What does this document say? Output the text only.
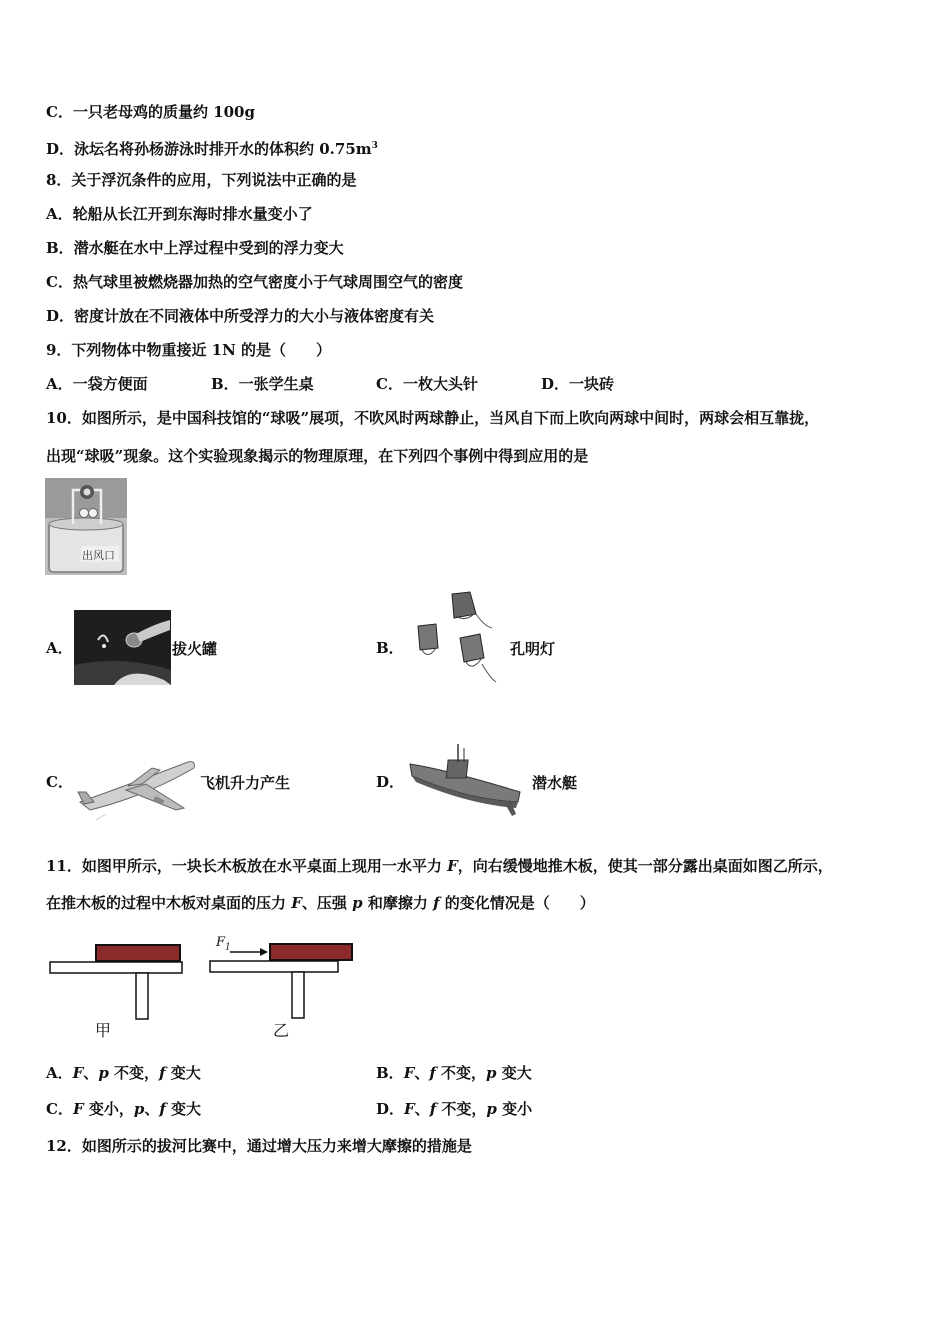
C．一只老母鸡的质量约 100g
D．泳坛名将孙杨游泳时排开水的体积约 $0.75m^3$
8．关于浮沉条件的应用，下列说法中正确的是
A．轮船从长江开到东海时排水量变小了
B．潜水艇在水中上浮过程中受到的浮力变大
C．热气球里被燃烧器加热的空气密度小于气球周围空气的密度
D．密度计放在不同液体中所受浮力的大小与液体密度有关
9．下列物体中物重接近 1N 的是（　　）
A．一袋方便面	B．一张学生桌	C．一枚大头针	D．一块砖
10．如图所示，是中国科技馆的“球吸”展项，不吹风时两球静止，当风自下而上吹向两球中间时，两球会相互靠拢，
出现“球吸”现象。这个实验现象揭示的物理原理，在下列四个事例中得到应用的是
出风口
A．	拔火罐	B．	孔明灯
C．	飞机升力产生	D．	潜水艇
11．如图甲所示，一块长木板放在水平桌面上现用一水平力 F，向右缓慢地推木板，使其一部分露出桌面如图乙所示，
在推木板的过程中木板对桌面的压力 F、压强 p 和摩擦力 f 的变化情况是（　　）
甲
$F_1$
乙
A．F、p 不变，f 变大	B．F、f 不变，p 变大
C．F 变小，p、f 变大	D．F、f 不变，p 变小
12．如图所示的拔河比赛中，通过增大压力来增大摩擦的措施是
